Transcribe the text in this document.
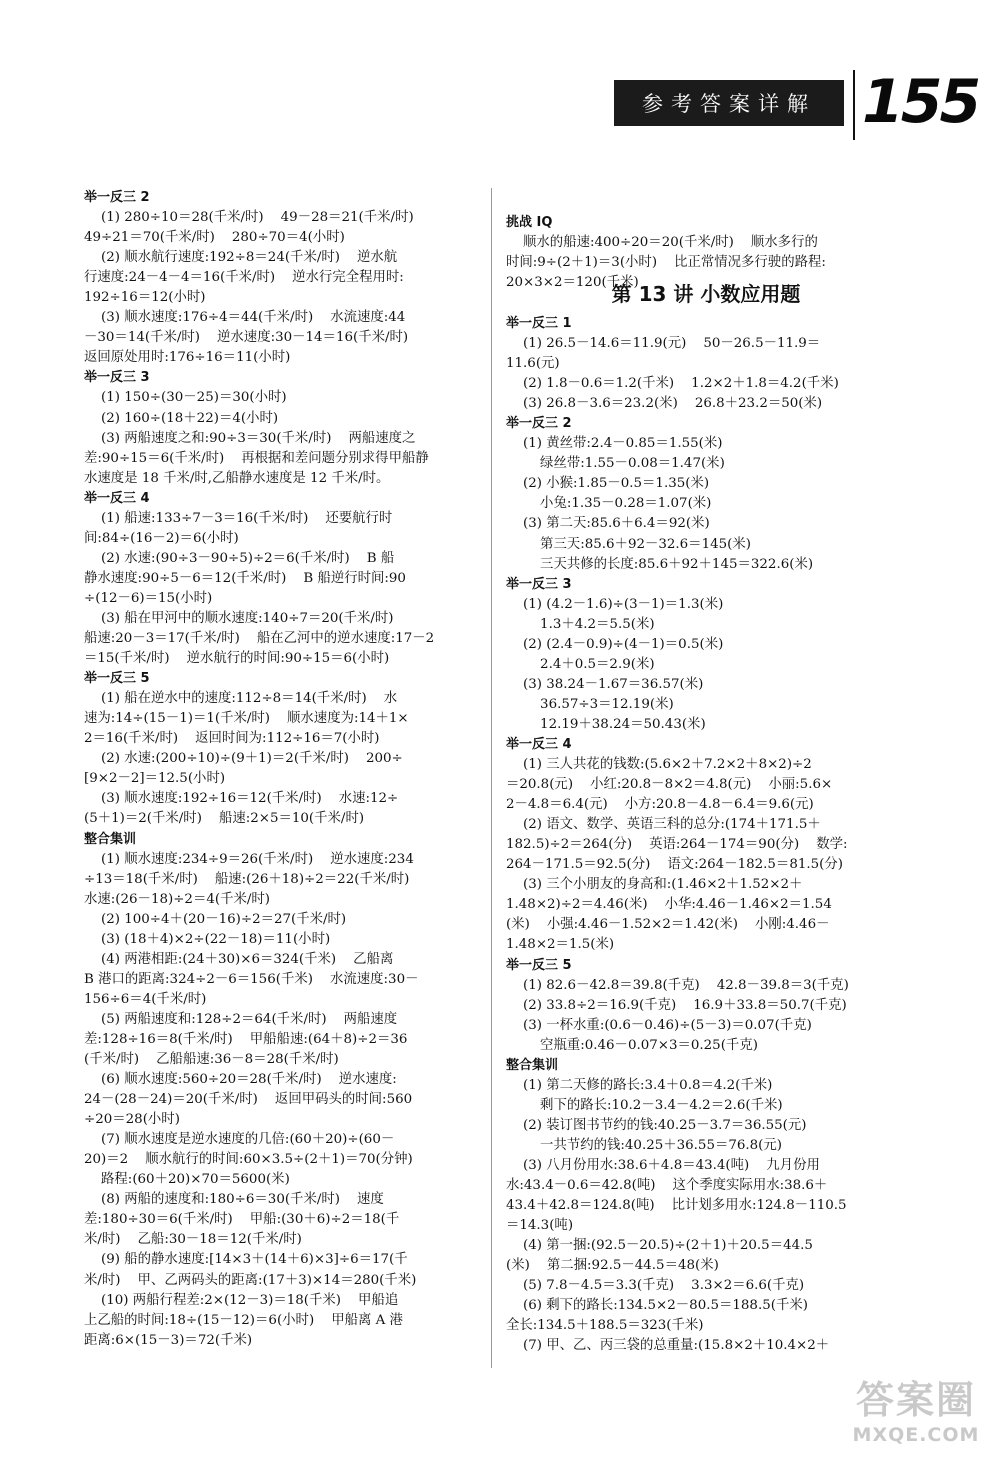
参考答案详解 155
举一反三 2
(1) 280÷10＝28(千米/时)    49－28＝21(千米/时)
49÷21＝70(千米/时)    280÷70＝4(小时)
(2) 顺水航行速度:192÷8＝24(千米/时)    逆水航
行速度:24－4－4＝16(千米/时)    逆水行完全程用时:
192÷16＝12(小时)
(3) 顺水速度:176÷4＝44(千米/时)    水流速度:44
－30＝14(千米/时)    逆水速度:30－14＝16(千米/时)
返回原处用时:176÷16＝11(小时)
举一反三 3
(1) 150÷(30－25)＝30(小时)
(2) 160÷(18＋22)＝4(小时)
(3) 两船速度之和:90÷3＝30(千米/时)    两船速度之
差:90÷15＝6(千米/时)    再根据和差问题分别求得甲船静
水速度是 18 千米/时,乙船静水速度是 12 千米/时。
举一反三 4
(1) 船速:133÷7－3＝16(千米/时)    还要航行时
间:84÷(16－2)＝6(小时)
(2) 水速:(90÷3－90÷5)÷2＝6(千米/时)    B 船
静水速度:90÷5－6＝12(千米/时)    B 船逆行时间:90
÷(12－6)＝15(小时)
(3) 船在甲河中的顺水速度:140÷7＝20(千米/时)
船速:20－3＝17(千米/时)    船在乙河中的逆水速度:17－2
＝15(千米/时)    逆水航行的时间:90÷15＝6(小时)
举一反三 5
(1) 船在逆水中的速度:112÷8＝14(千米/时)    水
速为:14÷(15－1)＝1(千米/时)    顺水速度为:14＋1×
2＝16(千米/时)    返回时间为:112÷16＝7(小时)
(2) 水速:(200÷10)÷(9＋1)＝2(千米/时)    200÷
[9×2－2]＝12.5(小时)
(3) 顺水速度:192÷16＝12(千米/时)    水速:12÷
(5＋1)＝2(千米/时)    船速:2×5＝10(千米/时)
整合集训
(1) 顺水速度:234÷9＝26(千米/时)    逆水速度:234
÷13＝18(千米/时)    船速:(26＋18)÷2＝22(千米/时)
水速:(26－18)÷2＝4(千米/时)
(2) 100÷4＋(20－16)÷2＝27(千米/时)
(3) (18＋4)×2÷(22－18)＝11(小时)
(4) 两港相距:(24＋30)×6＝324(千米)    乙船离
B 港口的距离:324÷2－6＝156(千米)    水流速度:30－
156÷6＝4(千米/时)
(5) 两船速度和:128÷2＝64(千米/时)    两船速度
差:128÷16＝8(千米/时)    甲船船速:(64＋8)÷2＝36
(千米/时)    乙船船速:36－8＝28(千米/时)
(6) 顺水速度:560÷20＝28(千米/时)    逆水速度:
24－(28－24)＝20(千米/时)    返回甲码头的时间:560
÷20＝28(小时)
(7) 顺水速度是逆水速度的几倍:(60＋20)÷(60－
20)＝2    顺水航行的时间:60×3.5÷(2＋1)＝70(分钟)
路程:(60＋20)×70＝5600(米)
(8) 两船的速度和:180÷6＝30(千米/时)    速度
差:180÷30＝6(千米/时)    甲船:(30＋6)÷2＝18(千
米/时)    乙船:30－18＝12(千米/时)
(9) 船的静水速度:[14×3＋(14＋6)×3]÷6＝17(千
米/时)    甲、乙两码头的距离:(17＋3)×14＝280(千米)
(10) 两船行程差:2×(12－3)＝18(千米)    甲船追
上乙船的时间:18÷(15－12)＝6(小时)    甲船离 A 港
距离:6×(15－3)＝72(千米)
挑战 IQ
顺水的船速:400÷20＝20(千米/时)    顺水多行的
时间:9÷(2＋1)＝3(小时)    比正常情况多行驶的路程:
20×3×2＝120(千米)
第 13 讲 小数应用题
举一反三 1
(1) 26.5－14.6＝11.9(元)    50－26.5－11.9＝
11.6(元)
(2) 1.8－0.6＝1.2(千米)    1.2×2＋1.8＝4.2(千米)
(3) 26.8－3.6＝23.2(米)    26.8＋23.2＝50(米)
举一反三 2
(1) 黄丝带:2.4－0.85＝1.55(米)
绿丝带:1.55－0.08＝1.47(米)
(2) 小猴:1.85－0.5＝1.35(米)
小兔:1.35－0.28＝1.07(米)
(3) 第二天:85.6＋6.4＝92(米)
第三天:85.6＋92－32.6＝145(米)
三天共修的长度:85.6＋92＋145＝322.6(米)
举一反三 3
(1) (4.2－1.6)÷(3－1)＝1.3(米)
1.3＋4.2＝5.5(米)
(2) (2.4－0.9)÷(4－1)＝0.5(米)
2.4＋0.5＝2.9(米)
(3) 38.24－1.67＝36.57(米)
36.57÷3＝12.19(米)
12.19＋38.24＝50.43(米)
举一反三 4
(1) 三人共花的钱数:(5.6×2＋7.2×2＋8×2)÷2
＝20.8(元)    小红:20.8－8×2＝4.8(元)    小丽:5.6×
2－4.8＝6.4(元)    小方:20.8－4.8－6.4＝9.6(元)
(2) 语文、数学、英语三科的总分:(174＋171.5＋
182.5)÷2＝264(分)    英语:264－174＝90(分)    数学:
264－171.5＝92.5(分)    语文:264－182.5＝81.5(分)
(3) 三个小朋友的身高和:(1.46×2＋1.52×2＋
1.48×2)÷2＝4.46(米)    小华:4.46－1.46×2＝1.54
(米)    小强:4.46－1.52×2＝1.42(米)    小刚:4.46－
1.48×2＝1.5(米)
举一反三 5
(1) 82.6－42.8＝39.8(千克)    42.8－39.8＝3(千克)
(2) 33.8÷2＝16.9(千克)    16.9＋33.8＝50.7(千克)
(3) 一杯水重:(0.6－0.46)÷(5－3)＝0.07(千克)
空瓶重:0.46－0.07×3＝0.25(千克)
整合集训
(1) 第二天修的路长:3.4＋0.8＝4.2(千米)
剩下的路长:10.2－3.4－4.2＝2.6(千米)
(2) 装订图书节约的钱:40.25－3.7＝36.55(元)
一共节约的钱:40.25＋36.55＝76.8(元)
(3) 八月份用水:38.6＋4.8＝43.4(吨)    九月份用
水:43.4－0.6＝42.8(吨)    这个季度实际用水:38.6＋
43.4＋42.8＝124.8(吨)    比计划多用水:124.8－110.5
＝14.3(吨)
(4) 第一捆:(92.5－20.5)÷(2＋1)＋20.5＝44.5
(米)    第二捆:92.5－44.5＝48(米)
(5) 7.8－4.5＝3.3(千克)    3.3×2＝6.6(千克)
(6) 剩下的路长:134.5×2－80.5＝188.5(千米)
全长:134.5＋188.5＝323(千米)
(7) 甲、乙、丙三袋的总重量:(15.8×2＋10.4×2＋
答案圈
MXQE.COM
